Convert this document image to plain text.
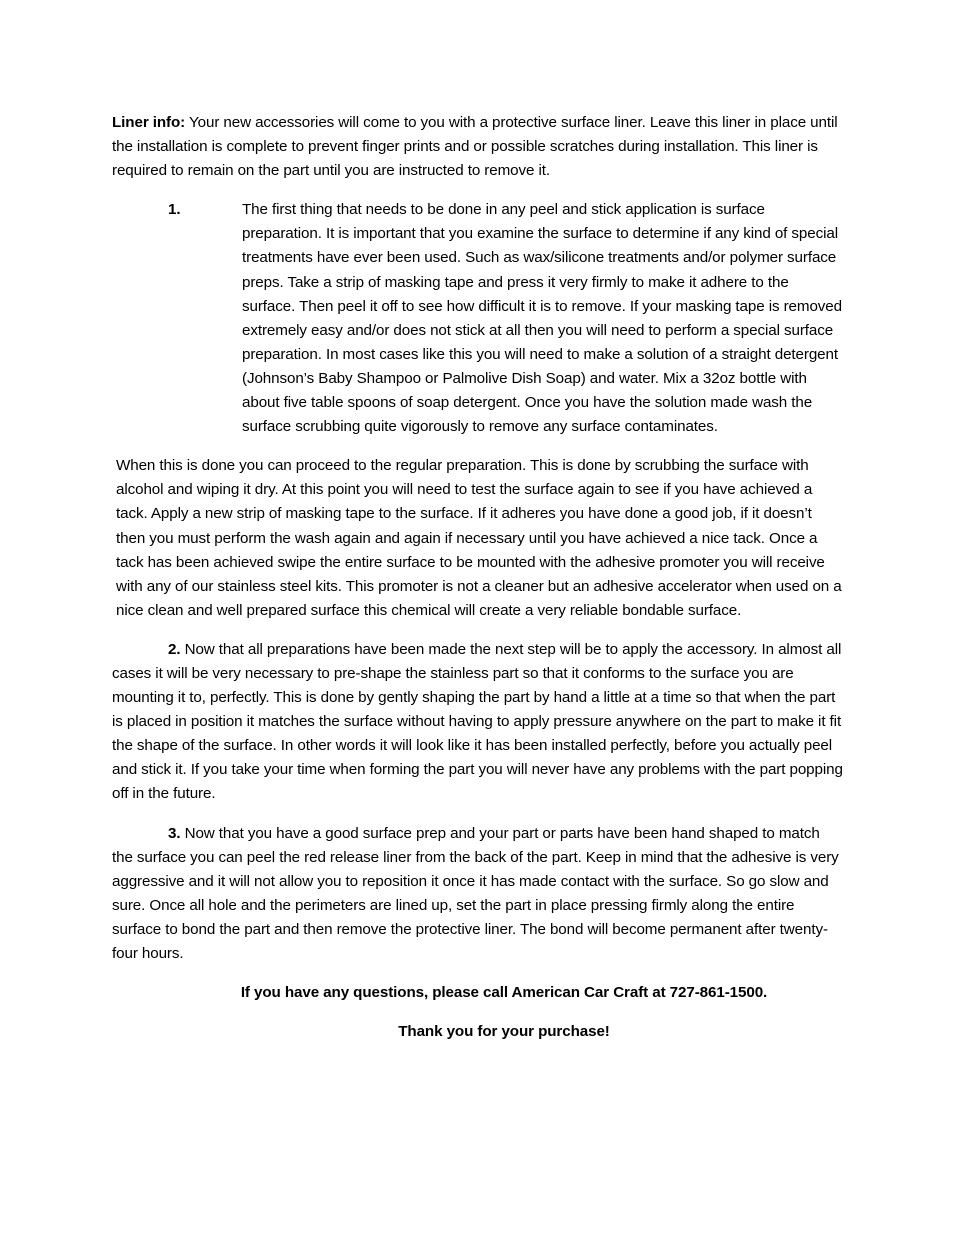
Liner info: Your new accessories will come to you with a protective surface liner. Leave this liner in place until the installation is complete to prevent finger prints and or possible scratches during installation. This liner is required to remain on the part until you are instructed to remove it.

1.	The first thing that needs to be done in any peel and stick application is surface preparation. It is important that you examine the surface to determine if any kind of special treatments have ever been used. Such as wax/silicone treatments and/or polymer surface preps. Take a strip of masking tape and press it very firmly to make it adhere to the surface. Then peel it off to see how difficult it is to remove. If your masking tape is removed extremely easy and/or does not stick at all then you will need to perform a special surface preparation. In most cases like this you will need to make a solution of a straight detergent (Johnson’s Baby Shampoo or Palmolive Dish Soap) and water. Mix a 32oz bottle with about five table spoons of soap detergent. Once you have the solution made wash the surface scrubbing quite vigorously to remove any surface contaminates.

When this is done you can proceed to the regular preparation. This is done by scrubbing the surface with alcohol and wiping it dry. At this point you will need to test the surface again to see if you have achieved a tack. Apply a new strip of masking tape to the surface. If it adheres you have done a good job, if it doesn’t then you must perform the wash again and again if necessary until you have achieved a nice tack. Once a tack has been achieved swipe the entire surface to be mounted with the adhesive promoter you will receive with any of our stainless steel kits. This promoter is not a cleaner but an adhesive accelerator when used on a nice clean and well prepared surface this chemical will create a very reliable bondable surface.

2. Now that all preparations have been made the next step will be to apply the accessory. In almost all cases it will be very necessary to pre-shape the stainless part so that it conforms to the surface you are mounting it to, perfectly. This is done by gently shaping the part by hand a little at a time so that when the part is placed in position it matches the surface without having to apply pressure anywhere on the part to make it fit the shape of the surface. In other words it will look like it has been installed perfectly, before you actually peel and stick it. If you take your time when forming the part you will never have any problems with the part popping off in the future.

3. Now that you have a good surface prep and your part or parts have been hand shaped to match the surface you can peel the red release liner from the back of the part. Keep in mind that the adhesive is very aggressive and it will not allow you to reposition it once it has made contact with the surface. So go slow and sure. Once all hole and the perimeters are lined up, set the part in place pressing firmly along the entire surface to bond the part and then remove the protective liner. The bond will become permanent after twenty-four hours.

If you have any questions, please call American Car Craft at 727-861-1500.

Thank you for your purchase!
